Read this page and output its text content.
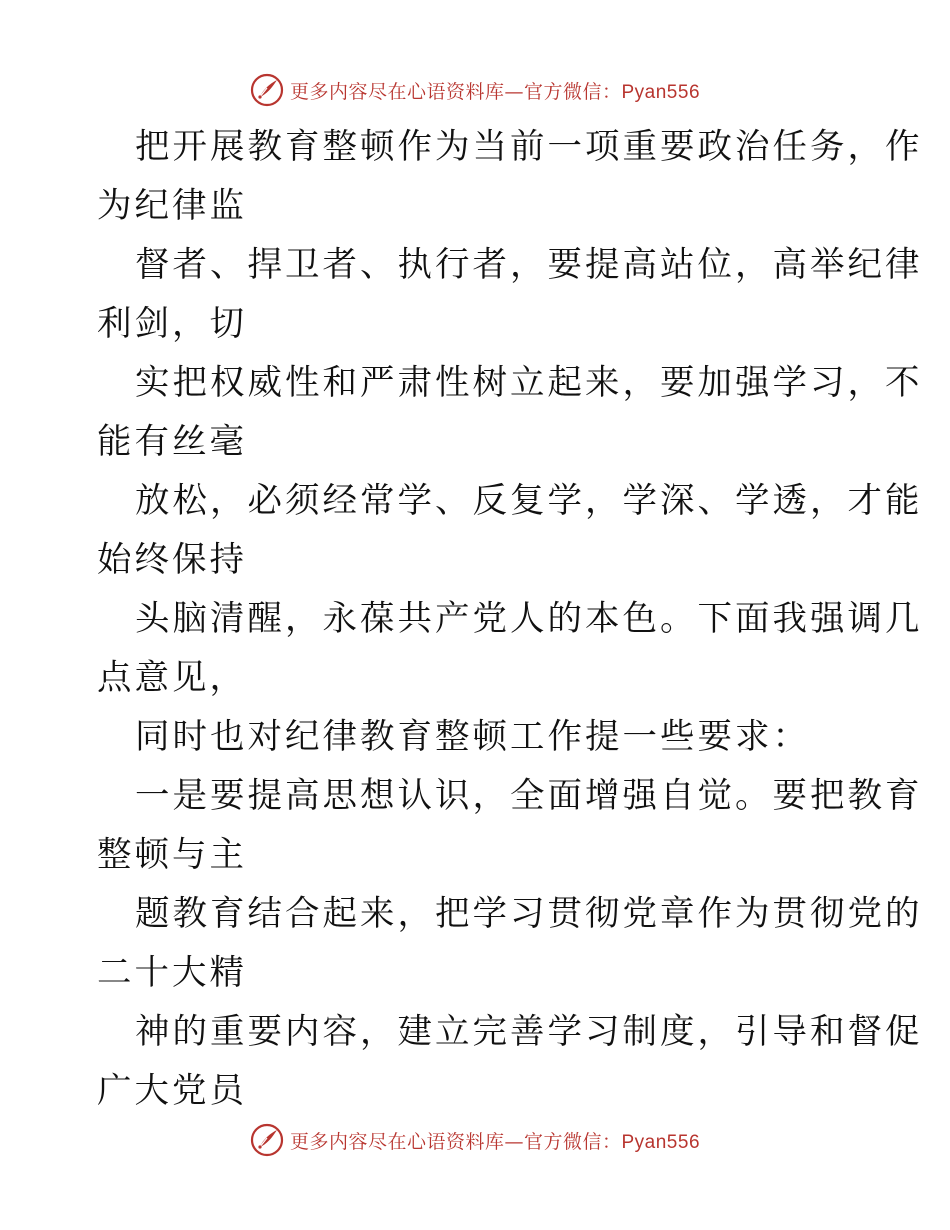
更多内容尽在心语资料库—官方微信：Pyan556
把开展教育整顿作为当前一项重要政治任务，作
为纪律监
督者、捍卫者、执行者，要提高站位，高举纪律
利剑，切
实把权威性和严肃性树立起来，要加强学习，不
能有丝毫
放松，必须经常学、反复学，学深、学透，才能
始终保持
头脑清醒，永葆共产党人的本色。下面我强调几
点意见，
同时也对纪律教育整顿工作提一些要求：
一是要提高思想认识，全面增强自觉。要把教育
整顿与主
题教育结合起来，把学习贯彻党章作为贯彻党的
二十大精
神的重要内容，建立完善学习制度，引导和督促
广大党员
更多内容尽在心语资料库—官方微信：Pyan556
